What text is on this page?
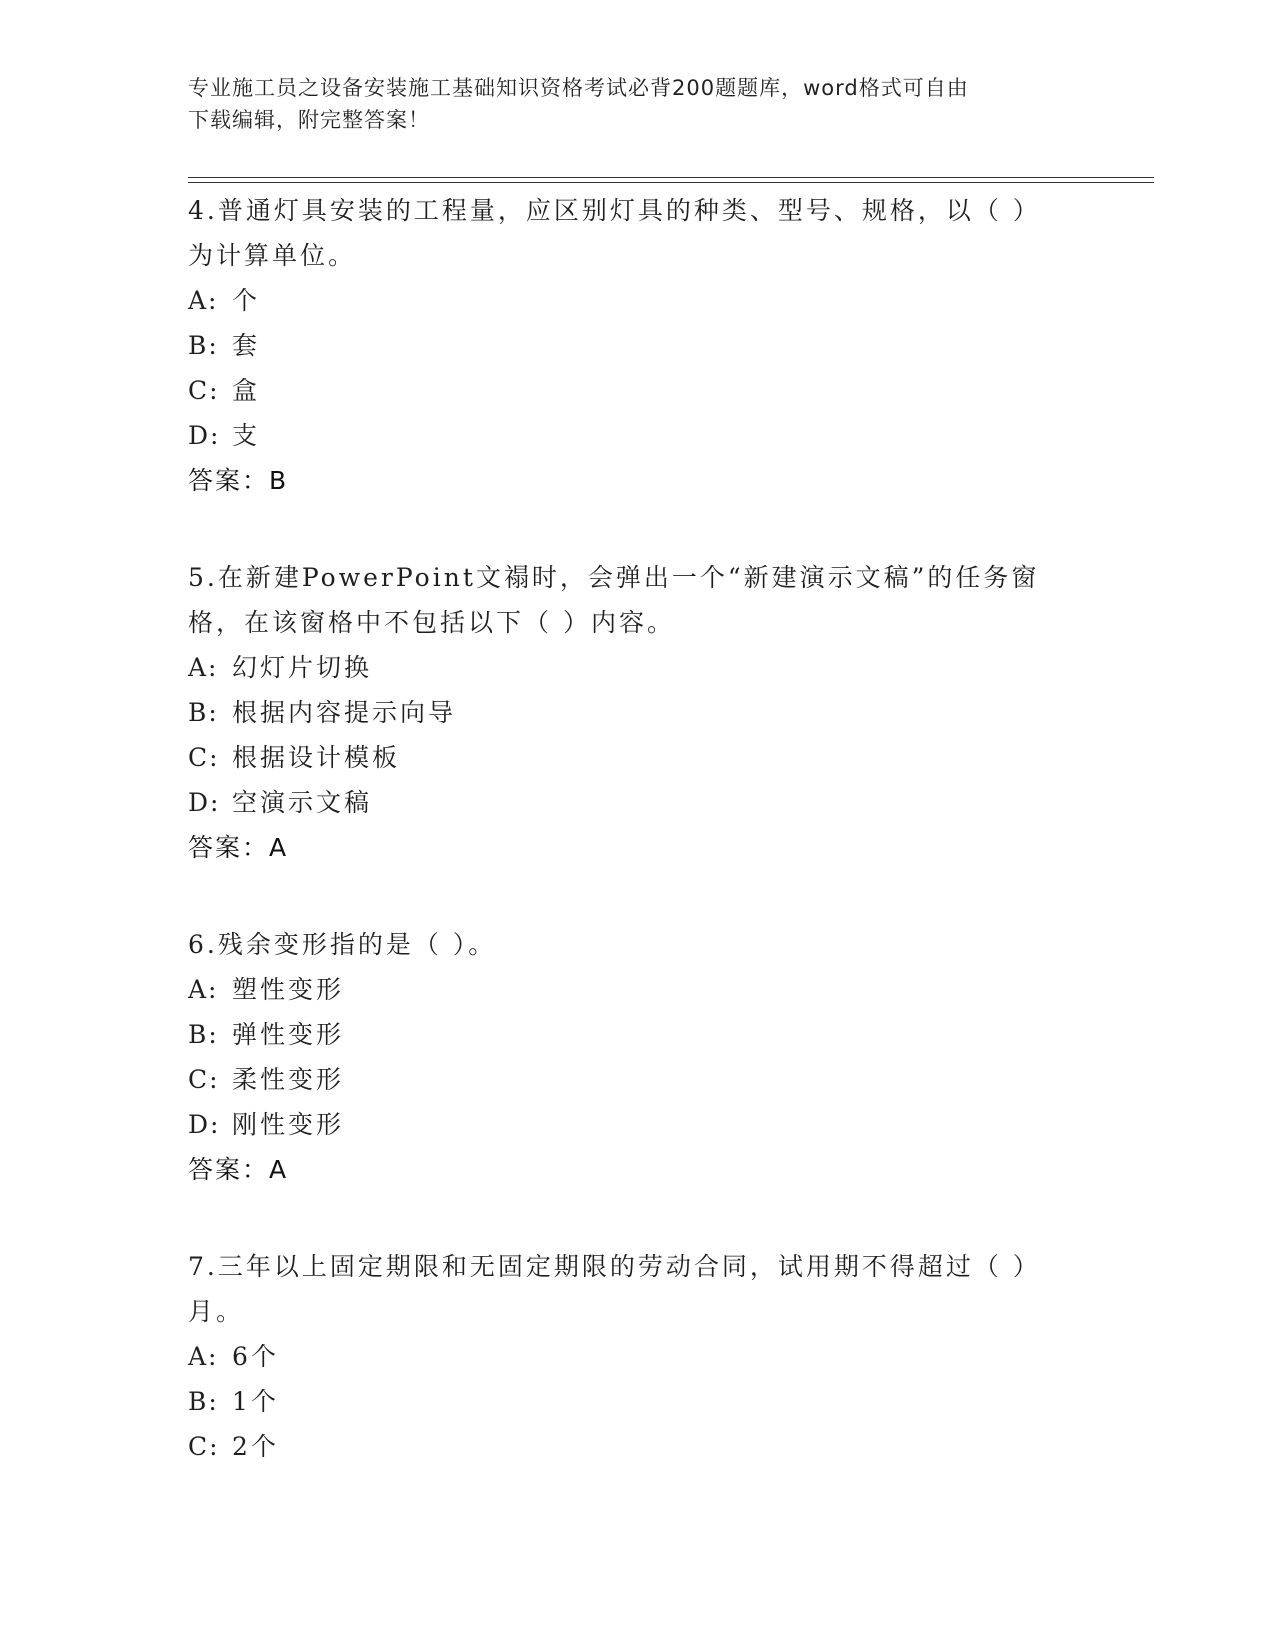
专业施工员之设备安装施工基础知识资格考试必背200题题库，word格式可自由
下载编辑，附完整答案！
4.普通灯具安装的工程量，应区别灯具的种类、型号、规格，以（ ）
为计算单位。
A: 个
B: 套
C: 盒
D: 支
答案：B
5.在新建PowerPoint文禢时，会弹出一个“新建演示文稿”的任务窗
格，在该窗格中不包括以下（ ）内容。
A: 幻灯片切换
B: 根据内容提示向导
C: 根据设计模板
D: 空演示文稿
答案：A
6.残余变形指的是（ ）。
A: 塑性变形
B: 弹性变形
C: 柔性变形
D: 刚性变形
答案：A
7.三年以上固定期限和无固定期限的劳动合同，试用期不得超过（ ）
月。
A: 6个
B: 1个
C: 2个
